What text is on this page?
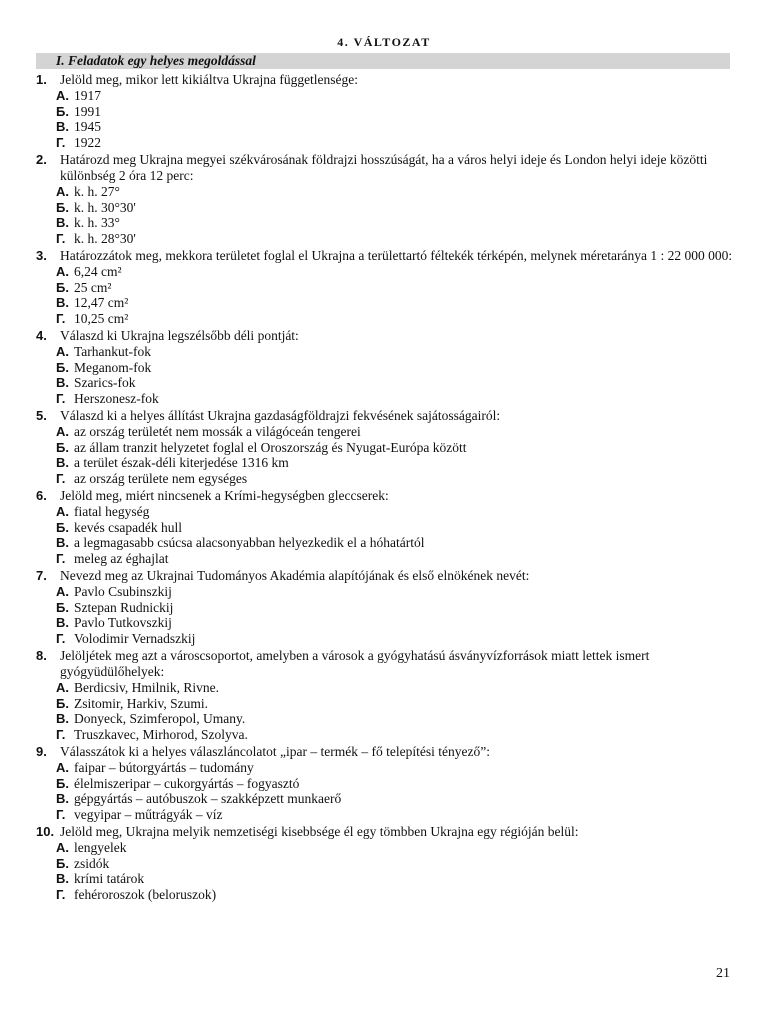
4. VÁLTOZAT
I. Feladatok egy helyes megoldással
1. Jelöld meg, mikor lett kikiáltva Ukrajna függetlensége:
А. 1917
Б. 1991
В. 1945
Г. 1922
2. Határozd meg Ukrajna megyei székvárosának földrajzi hosszúságát, ha a város helyi ideje és London helyi ideje közötti különbség 2 óra 12 perc:
А. k. h. 27°
Б. k. h. 30°30'
В. k. h. 33°
Г. k. h. 28°30'
3. Határozzátok meg, mekkora területet foglal el Ukrajna a területtartó féltekék térképén, melynek méretaránya 1 : 22 000 000:
А. 6,24 cm²
Б. 25 cm²
В. 12,47 cm²
Г. 10,25 cm²
4. Válaszd ki Ukrajna legszélsőbb déli pontját:
А. Tarhankut-fok
Б. Meganom-fok
В. Szarics-fok
Г. Herszonesz-fok
5. Válaszd ki a helyes állítást Ukrajna gazdaságföldrajzi fekvésének sajátosságairól:
А. az ország területét nem mossák a világóceán tengerei
Б. az állam tranzit helyzetet foglal el Oroszország és Nyugat-Európa között
В. a terület észak-déli kiterjedése 1316 km
Г. az ország területe nem egységes
6. Jelöld meg, miért nincsenek a Krími-hegységben gleccserek:
А. fiatal hegység
Б. kevés csapadék hull
В. a legmagasabb csúcsa alacsonyabban helyezkedik el a hóhatártól
Г. meleg az éghajlat
7. Nevezd meg az Ukrajnai Tudományos Akadémia alapítójának és első elnökének nevét:
А. Pavlo Csubinszkij
Б. Sztepan Rudnickij
В. Pavlo Tutkovszkij
Г. Volodimir Vernadszkij
8. Jelöljétek meg azt a városcsoportot, amelyben a városok a gyógyhatású ásványvízforrások miatt lettek ismert gyógyüdülőhelyek:
А. Berdicsiv, Hmilnik, Rivne.
Б. Zsitomir, Harkiv, Szumi.
В. Donyeck, Szimferopol, Umany.
Г. Truszkavec, Mirhorod, Szolyva.
9. Válasszátok ki a helyes válaszláncolatot „ipar – termék – fő telepítési tényező”:
А. faipar – bútorgyártás – tudomány
Б. élelmiszeripar – cukorgyártás – fogyasztó
В. gépgyártás – autóbuszok – szakképzett munkaerő
Г. vegyipar – műtrágyák – víz
10. Jelöld meg, Ukrajna melyik nemzetiségi kisebbsége él egy tömbben Ukrajna egy régióján belül:
А. lengyelek
Б. zsidók
В. krími tatárok
Г. fehéroroszok (beloruszok)
21
